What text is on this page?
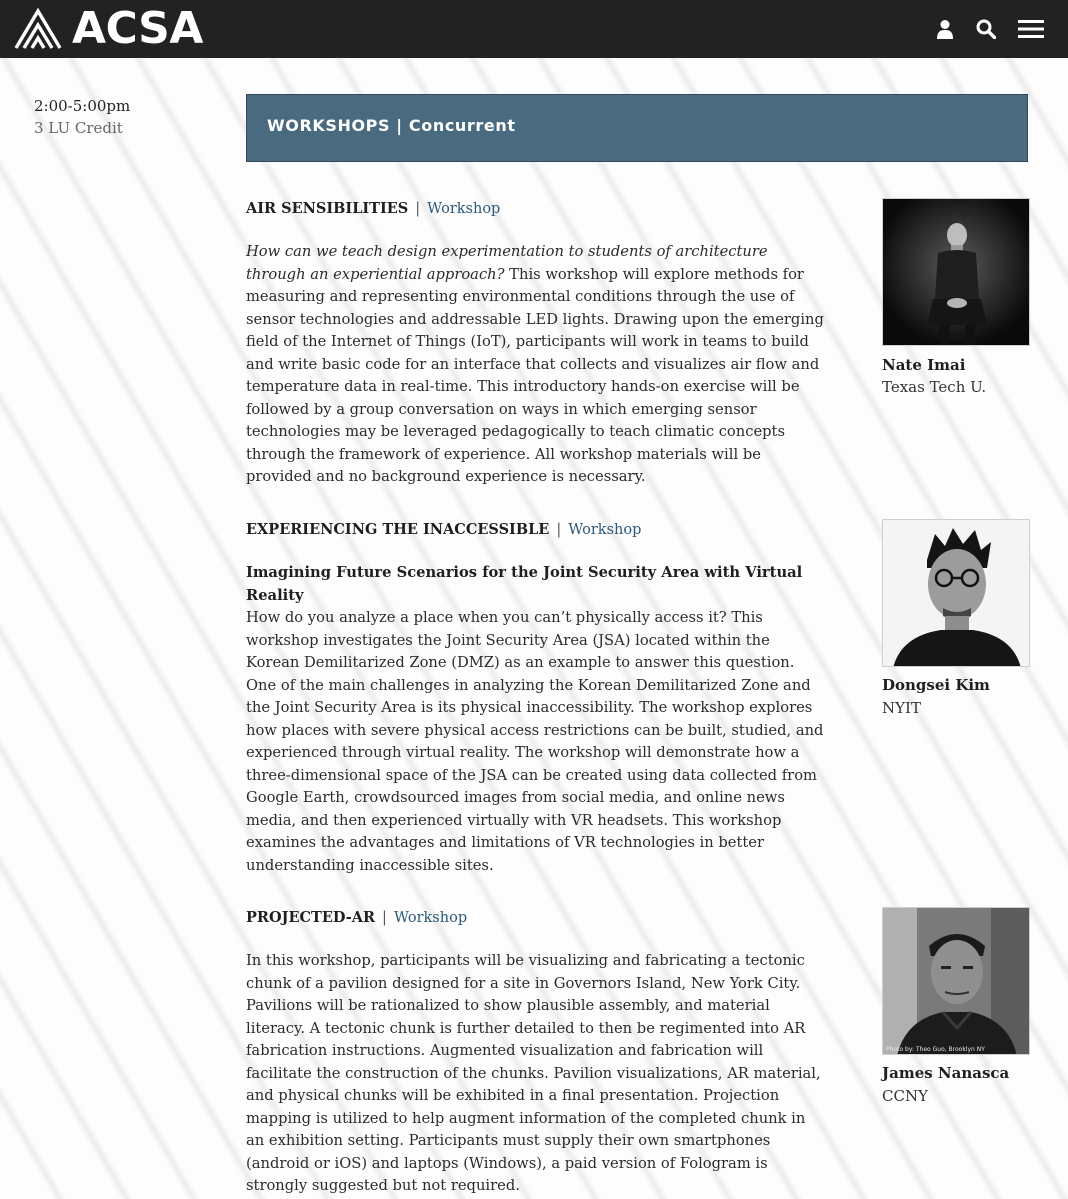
ACSA
2:00-5:00pm
3 LU Credit	WORKSHOPS | Concurrent
AIR SENSIBILITIES | Workshop
How can we teach design experimentation to students of architecture through an experiential approach? This workshop will explore methods for measuring and representing environmental conditions through the use of sensor technologies and addressable LED lights. Drawing upon the emerging field of the Internet of Things (IoT), participants will work in teams to build and write basic code for an interface that collects and visualizes air flow and temperature data in real-time. This introductory hands-on exercise will be followed by a group conversation on ways in which emerging sensor technologies may be leveraged pedagogically to teach climatic concepts through the framework of experience. All workshop materials will be provided and no background experience is necessary.
Nate Imai
Texas Tech U.
EXPERIENCING THE INACCESSIBLE | Workshop
Imagining Future Scenarios for the Joint Security Area with Virtual Reality
How do you analyze a place when you can’t physically access it? This workshop investigates the Joint Security Area (JSA) located within the Korean Demilitarized Zone (DMZ) as an example to answer this question. One of the main challenges in analyzing the Korean Demilitarized Zone and the Joint Security Area is its physical inaccessibility. The workshop explores how places with severe physical access restrictions can be built, studied, and experienced through virtual reality. The workshop will demonstrate how a three-dimensional space of the JSA can be created using data collected from Google Earth, crowdsourced images from social media, and online news media, and then experienced virtually with VR headsets. This workshop examines the advantages and limitations of VR technologies in better understanding inaccessible sites.
Dongsei Kim
NYIT
PROJECTED-AR | Workshop
In this workshop, participants will be visualizing and fabricating a tectonic chunk of a pavilion designed for a site in Governors Island, New York City. Pavilions will be rationalized to show plausible assembly, and material literacy. A tectonic chunk is further detailed to then be regimented into AR fabrication instructions. Augmented visualization and fabrication will facilitate the construction of the chunks. Pavilion visualizations, AR material, and physical chunks will be exhibited in a final presentation. Projection mapping is utilized to help augment information of the completed chunk in an exhibition setting. Participants must supply their own smartphones (android or iOS) and laptops (Windows), a paid version of Fologram is strongly suggested but not required.
Photo by: Theo Guo, Brooklyn NY
James Nanasca
CCNY
